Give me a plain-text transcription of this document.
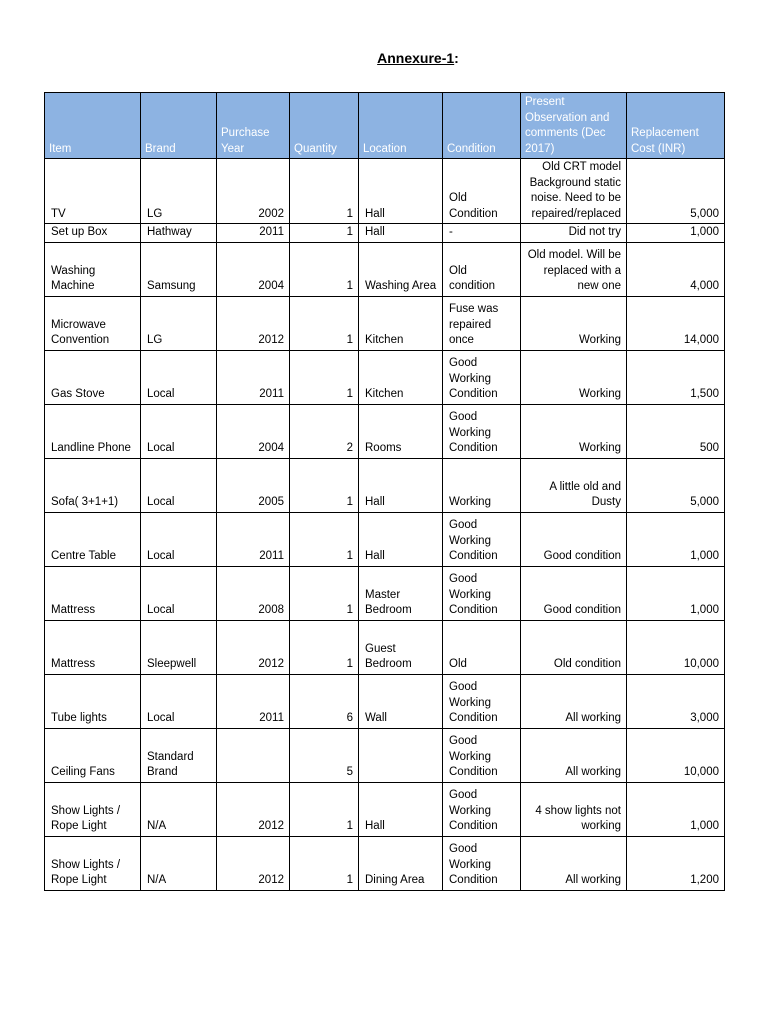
Annexure-1:
Item	Brand	Purchase Year	Quantity	Location	Condition	Present Observation and comments (Dec 2017)	Replacement Cost (INR)
TV	LG	2002	1	Hall	Old Condition	Old CRT model Background static noise. Need to be repaired/replaced	5,000
Set up Box	Hathway	2011	1	Hall	-	Did not try	1,000
Washing Machine	Samsung	2004	1	Washing Area	Old condition	Old model. Will be replaced with a new one	4,000
Microwave Convention	LG	2012	1	Kitchen	Fuse was repaired once	Working	14,000
Gas Stove	Local	2011	1	Kitchen	Good Working Condition	Working	1,500
Landline Phone	Local	2004	2	Rooms	Good Working Condition	Working	500
Sofa( 3+1+1)	Local	2005	1	Hall	Working	A little old and Dusty	5,000
Centre Table	Local	2011	1	Hall	Good Working Condition	Good condition	1,000
Mattress	Local	2008	1	Master Bedroom	Good Working Condition	Good condition	1,000
Mattress	Sleepwell	2012	1	Guest Bedroom	Old	Old condition	10,000
Tube lights	Local	2011	6	Wall	Good Working Condition	All working	3,000
Ceiling Fans	Standard Brand		5		Good Working Condition	All working	10,000
Show Lights / Rope Light	N/A	2012	1	Hall	Good Working Condition	4 show lights not working	1,000
Show Lights / Rope Light	N/A	2012	1	Dining Area	Good Working Condition	All working	1,200
